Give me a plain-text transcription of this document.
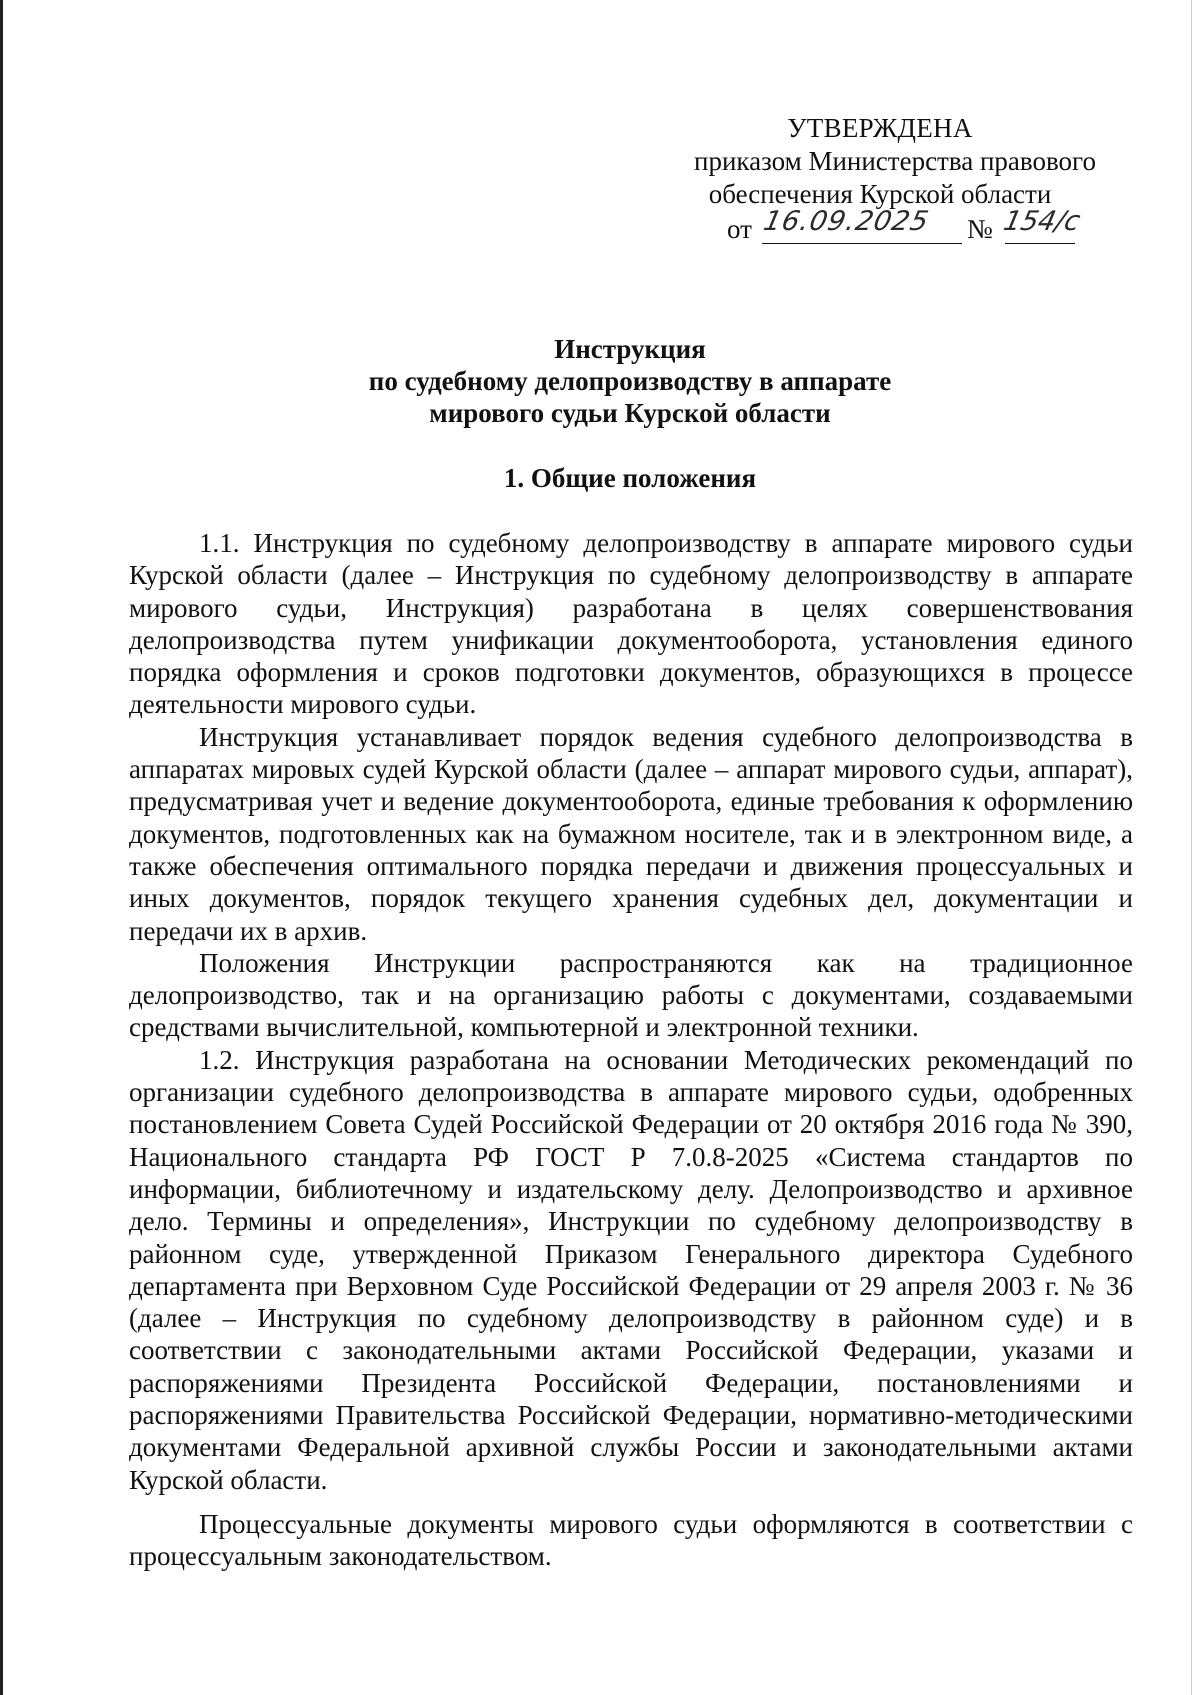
УТВЕРЖДЕНА
приказом Министерства правового
обеспечения Курской области
от 16.09.2025 № 154/с
Инструкция
по судебному делопроизводству в аппарате
мирового судьи Курской области
1. Общие положения

1.1. Инструкция по судебному делопроизводству в аппарате мирового судьи Курской области (далее – Инструкция по судебному делопроизводству в аппарате мирового судьи, Инструкция) разработана в целях совершенствования делопроизводства путем унификации документооборота, установления единого порядка оформления и сроков подготовки документов, образующихся в процессе деятельности мирового судьи.

Инструкция устанавливает порядок ведения судебного делопроизводства в аппаратах мировых судей Курской области (далее – аппарат мирового судьи, аппарат), предусматривая учет и ведение документооборота, единые требования к оформлению документов, подготовленных как на бумажном носителе, так и в электронном виде, а также обеспечения оптимального порядка передачи и движения процессуальных и иных документов, порядок текущего хранения судебных дел, документации и передачи их в архив.

Положения Инструкции распространяются как на традиционное делопроизводство, так и на организацию работы с документами, создаваемыми средствами вычислительной, компьютерной и электронной техники.

1.2. Инструкция разработана на основании Методических рекомендаций по организации судебного делопроизводства в аппарате мирового судьи, одобренных постановлением Совета Судей Российской Федерации от 20 октября 2016 года № 390, Национального стандарта РФ ГОСТ Р 7.0.8-2025 «Система стандартов по информации, библиотечному и издательскому делу. Делопроизводство и архивное дело. Термины и определения», Инструкции по судебному делопроизводству в районном суде, утвержденной Приказом Генерального директора Судебного департамента при Верховном Суде Российской Федерации от 29 апреля 2003 г. № 36 (далее – Инструкция по судебному делопроизводству в районном суде) и в соответствии с законодательными актами Российской Федерации, указами и распоряжениями Президента Российской Федерации, постановлениями и распоряжениями Правительства Российской Федерации, нормативно-методическими документами Федеральной архивной службы России и законодательными актами Курской области.

Процессуальные документы мирового судьи оформляются в соответствии с процессуальным законодательством.
